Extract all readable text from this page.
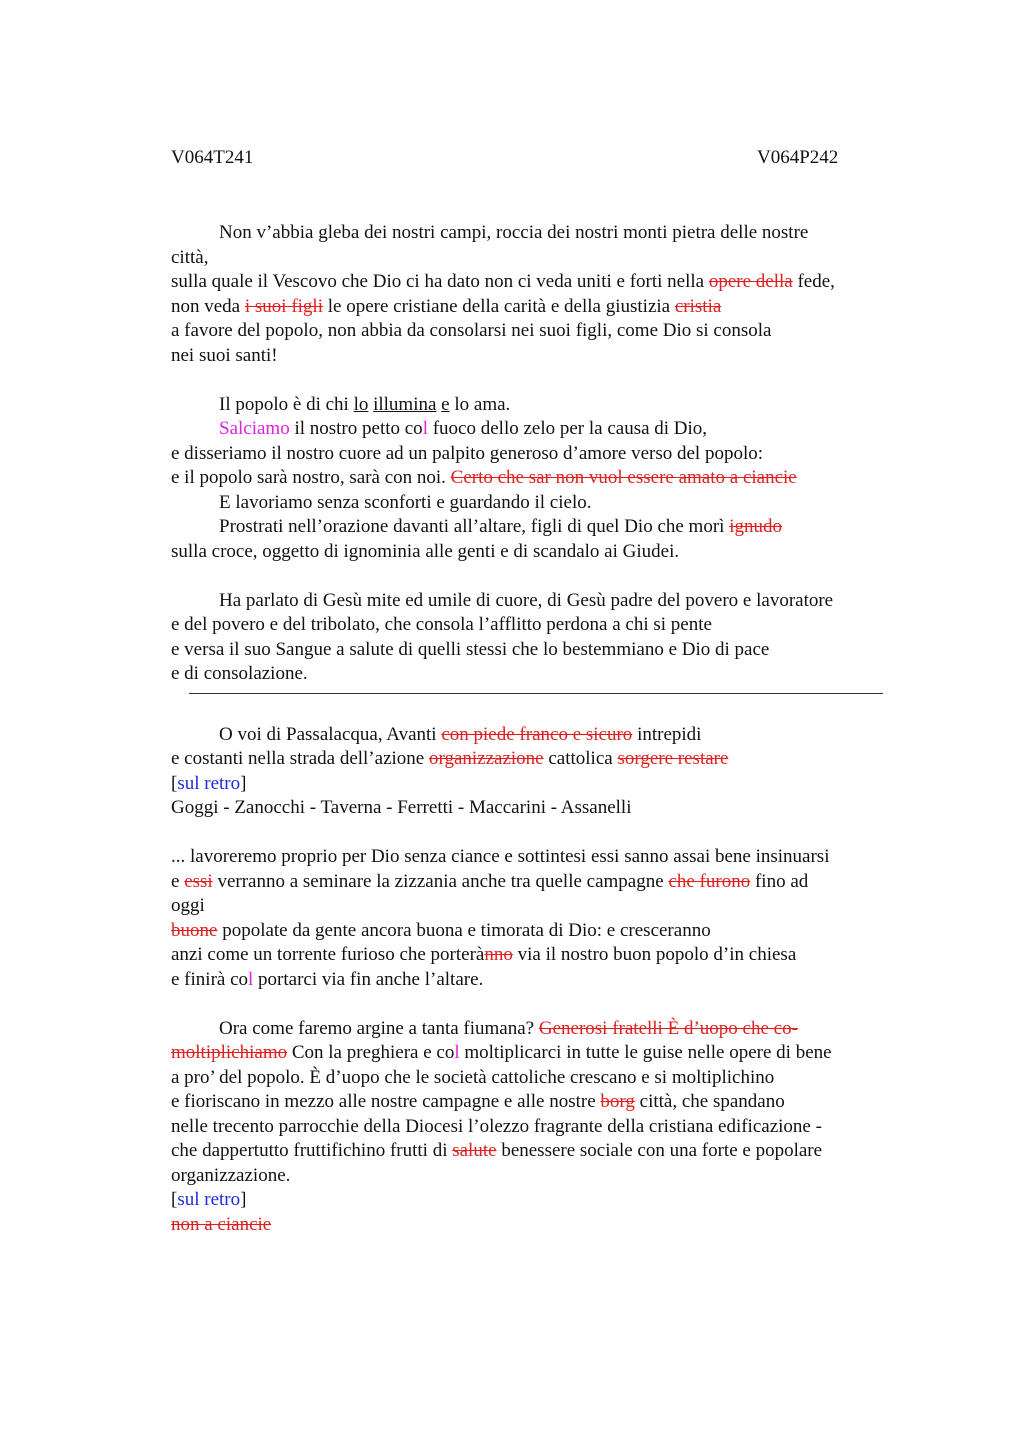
V064T241	V064P242
Non v’abbia gleba dei nostri campi, roccia dei nostri monti pietra delle nostre
città,
sulla quale il Vescovo che Dio ci ha dato non ci veda uniti e forti nella opere della fede,
non veda i suoi figli le opere cristiane della carità e della giustizia cristia
a favore del popolo, non abbia da consolarsi nei suoi figli, come Dio si consola
nei suoi santi!
Il popolo è di chi lo illumina e lo ama.
Salciamo il nostro petto col fuoco dello zelo per la causa di Dio,
e disseriamo il nostro cuore ad un palpito generoso d’amore verso del popolo:
e il popolo sarà nostro, sarà con noi. Certo che sar non vuol essere amato a ciancie
E lavoriamo senza sconforti e guardando il cielo.
Prostrati nell’orazione davanti all’altare, figli di quel Dio che morì ignudo
sulla croce, oggetto di ignominia alle genti e di scandalo ai Giudei.
Ha parlato di Gesù mite ed umile di cuore, di Gesù padre del povero e lavoratore
e del povero e del tribolato, che consola l’afflitto perdona a chi si pente
e versa il suo Sangue a salute di quelli stessi che lo bestemmiano e Dio di pace
e di consolazione.
O voi di Passalacqua, Avanti con piede franco e sicuro intrepidi
e costanti nella strada dell’azione organizzazione cattolica sorgere restare
[sul retro]
Goggi - Zanocchi - Taverna - Ferretti - Maccarini - Assanelli
... lavoreremo proprio per Dio senza ciance e sottintesi essi sanno assai bene insinuarsi
e essi verranno a seminare la zizzania anche tra quelle campagne che furono fino ad
oggi
buone popolate da gente ancora buona e timorata di Dio: e cresceranno
anzi come un torrente furioso che porterànno via il nostro buon popolo d’in chiesa
e finirà col portarci via fin anche l’altare.
Ora come faremo argine a tanta fiumana? Generosi fratelli È d’uopo che co-
moltiplichiamo Con la preghiera e col moltiplicarci in tutte le guise nelle opere di bene
a pro’ del popolo. È d’uopo che le società cattoliche crescano e si moltiplichino
e fioriscano in mezzo alle nostre campagne e alle nostre borg città, che spandano
nelle trecento parrocchie della Diocesi l’olezzo fragrante della cristiana edificazione -
che dappertutto fruttifichino frutti di salute benessere sociale con una forte e popolare
organizzazione.
[sul retro]
non a ciancie
